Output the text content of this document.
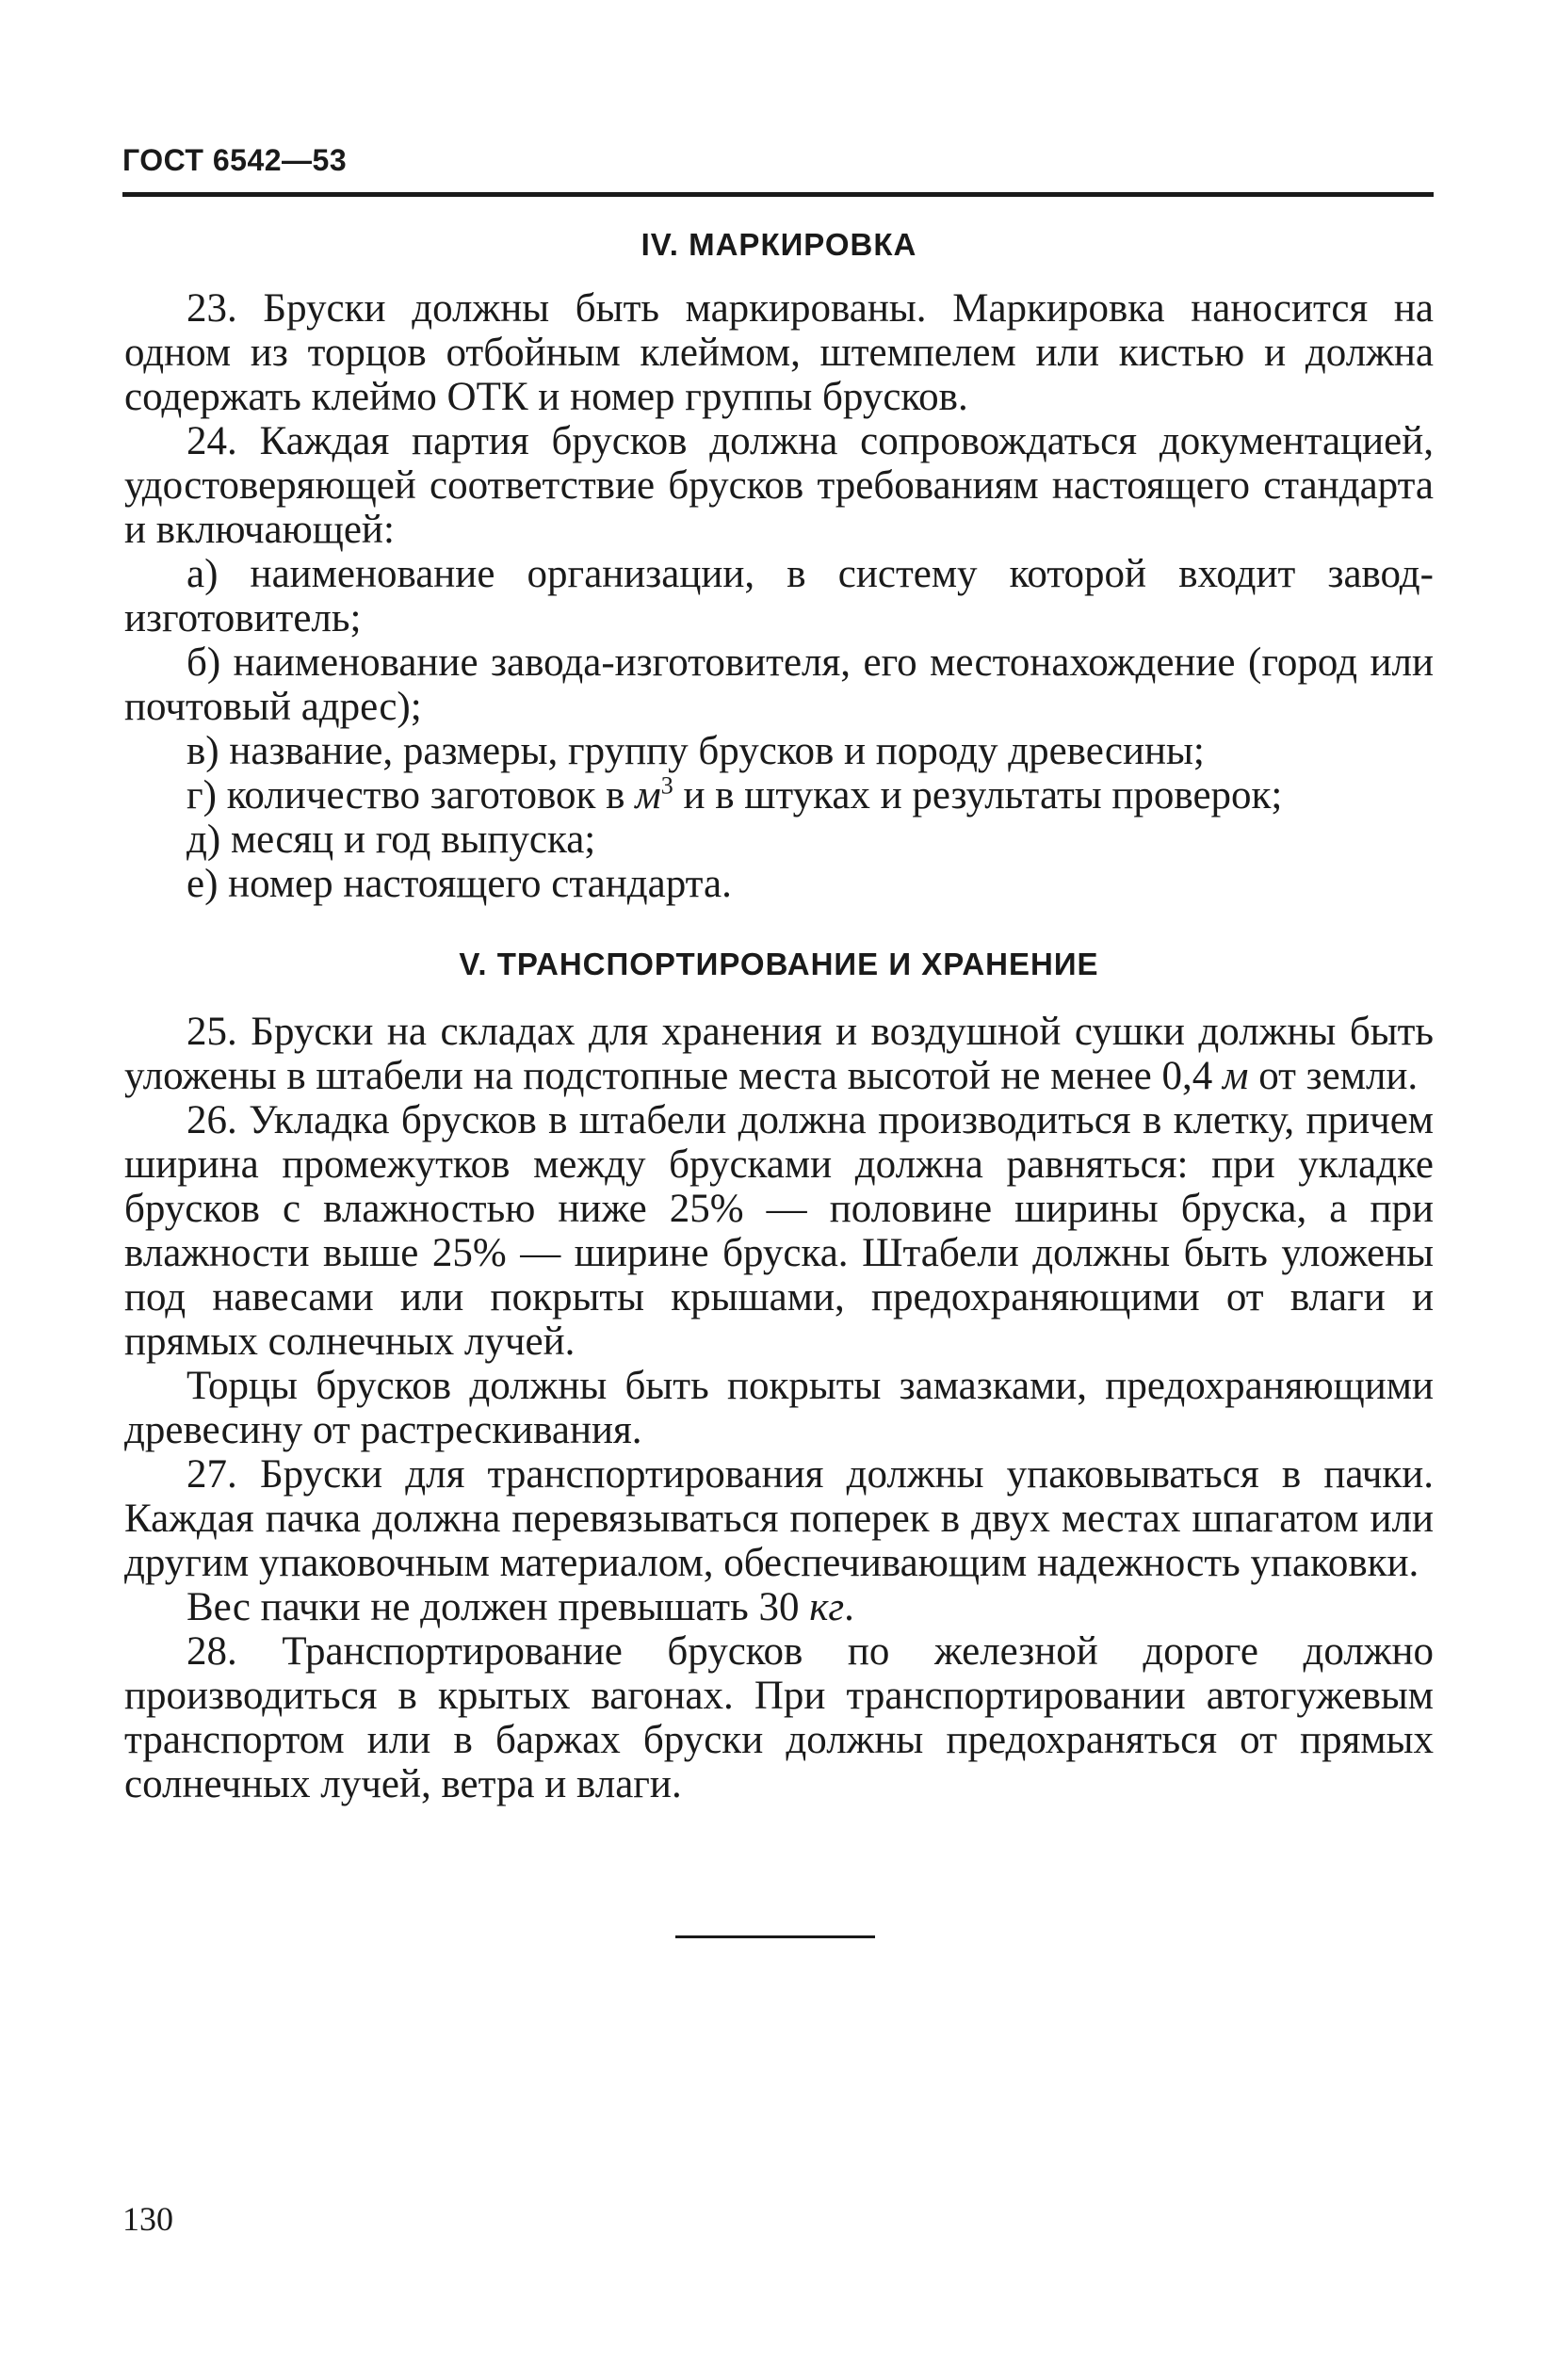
ГОСТ 6542—53
IV. МАРКИРОВКА

23. Бруски должны быть маркированы. Маркировка наносится на одном из торцов отбойным клеймом, штемпелем или кистью и должна содержать клеймо ОТК и номер группы брусков.

24. Каждая партия брусков должна сопровождаться документацией, удостоверяющей соответствие брусков требованиям настоящего стандарта и включающей:

а) наименование организации, в систему которой входит завод-изготовитель;

б) наименование завода-изготовителя, его местонахождение (город или почтовый адрес);

в) название, размеры, группу брусков и породу древесины;

г) количество заготовок в $м^3$ и в штуках и результаты проверок;

д) месяц и год выпуска;

е) номер настоящего стандарта.

V. ТРАНСПОРТИРОВАНИЕ И ХРАНЕНИЕ

25. Бруски на складах для хранения и воздушной сушки должны быть уложены в штабели на подстопные места высотой не менее 0,4 м от земли.

26. Укладка брусков в штабели должна производиться в клетку, причем ширина промежутков между брусками должна равняться: при укладке брусков с влажностью ниже 25% — половине ширины бруска, а при влажности выше 25% — ширине бруска. Штабели должны быть уложены под навесами или покрыты крышами, предохраняющими от влаги и прямых солнечных лучей.

Торцы брусков должны быть покрыты замазками, предохраняющими древесину от растрескивания.

27. Бруски для транспортирования должны упаковываться в пачки. Каждая пачка должна перевязываться поперек в двух местах шпагатом или другим упаковочным материалом, обеспечивающим надежность упаковки.

Вес пачки не должен превышать 30 кг.

28. Транспортирование брусков по железной дороге должно производиться в крытых вагонах. При транспортировании автогужевым транспортом или в баржах бруски должны предохраняться от прямых солнечных лучей, ветра и влаги.

130
